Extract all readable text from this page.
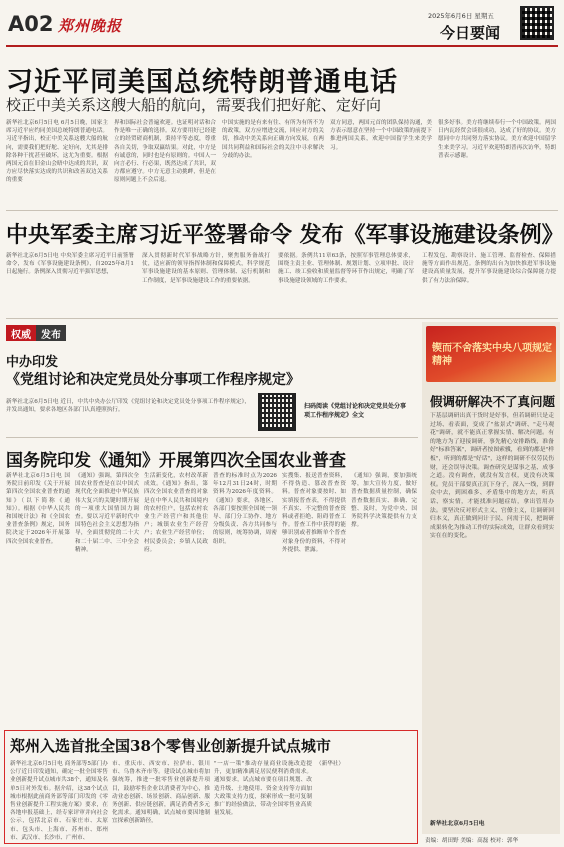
A02 郑州晚报
2025年6月6日 星期五
今日要闻
习近平同美国总统特朗普通电话
校正中美关系这艘大船的航向，需要我们把好舵、定好向
新华社北京6月5日电 6月5日晚，国家主席习近平应约同美国总统特朗普通电话。习近平指出，校正中美关系这艘大船的航向，需要我们把好舵、定好向，尤其是排除各种干扰甚至破坏，这尤为重要。根据两国元首在旧金山会晤中达成的共识，双方应尽快落实达成的共识和改善双边关系的重要
界和国际社会普遍欢迎。也证明对话和合作是唯一正确的选择。双方要用好已经建立的经贸磋商机制，秉持平等态度，尊重各自关切，争取双赢结果。对此，中方是有诚意的，同时也是有原则的。中国人一向言必行、行必果，既然达成了共识，双方都应遵守。中方无意主动挑衅，但是在原则问题上不会后退。
中国实施的是有来有往、有所为有所不为的政策，双方应增进交流，回应对方的关切，推动中美关系向正确方向发展，在两国共同利益和国际社会的关注中寻求解决分歧的办法。
双方同意，两国元首的团队保持沟通，美方表示愿意在坚持一个中国政策的前提下推进两国关系，欢迎中国留学生来美学习。
很多好事。美方将继续奉行一个中国政策。两国日内瓦经贸会谈很成功，达成了好的协议。美方愿同中方共同努力落实协议。美方欢迎中国留学生来美学习。习近平欢迎特朗普再次访华，特朗普表示感谢。
中央军委主席习近平签署命令 发布《军事设施建设条例》
新华社北京6月5日电 中央军委主席习近平日前签署命令，发布《军事设施建设条例》，自2025年8月1日起施行。条例深入贯彻习近平强军思想，
深入贯彻新时代军事战略方针，聚焦服务备战打仗，适应新的领导指挥体制和保障模式，科学规范军事设施建设的基本原则、管理体制、运行机制和工作制度，是军事设施建设工作的重要依据。
要依据。条例共11章63条，按照军事管理总体要求，围绕主责主业、管理体制、规划计划、立项审批、设计施工、竣工验收和质量监督等环节作出规定，明确了军事设施建设领域的工作要求。
工程发包、勘察设计、施工管理、监督检查、保障措施等方面作出规范。条例的出台为加快推进军事设施建设高质量发展，提升军事设施建设综合保障能力提供了有力法治保障。
权威	发布
中办印发
《党组讨论和决定党员处分事项工作程序规定》
新华社北京6月5日电 近日，中共中央办公厅印发《党组讨论和决定党员处分事项工作程序规定》，并发出通知，要求各地区各部门认真遵照执行。
扫码阅读《党组讨论和决定党员处分事项工作程序规定》全文
国务院印发《通知》开展第四次全国农业普查
新华社北京6月5日电 国务院日前印发《关于开展第四次全国农业普查的通知》（以下简称《通知》）。根据《中华人民共和国统计法》和《全国农业普查条例》规定，国务院决定于2026年开展第四次全国农业普查。
《通知》强调，第四次全国农业普查是在以中国式现代化全面推进中华民族伟大复兴的关键时期开展的一项重大国情国力调查。要以习近平新时代中国特色社会主义思想为指导，全面贯彻党的二十大和二十届二中、三中全会精神。
生活新变化，农村改革新成效。《通知》指出，第四次全国农业普查的对象是在中华人民共和国境内的农村住户，包括农村农业生产经营户和其他住户；城镇农业生产经营户；农业生产经营单位；村民委员会；乡镇人民政府。
普查的标准时点为2026年12月31日24时，时期资料为2026年度资料。《通知》要求，各地区、各部门要按照全国统一领导、部门分工协作、地方分级负责、各方共同参与的原则，统筹协调，周密组织。
实搜集、报送普查资料，不得伪造、篡改普查资料。普查对象要按时、如实填报普查表，不得提供不真实、不完整的普查资料或者拒绝、阻碍普查工作。普查工作中获得的能够识别或者推断单个普查对象身份的资料，不得对外提供、泄露。
《通知》强调，要加强统筹，加大宣传力度，做好普查数据质量控制，确保普查数据真实、准确、完整、及时，为党中央、国务院科学决策提供有力支撑。
郑州入选首批全国38个零售业创新提升试点城市
新华社北京6月5日电 商务部等5部门办公厅近日印发通知，确定一批全国零售业创新提升试点城市共38个，通知及名单5日对外发布。据介绍，这38个试点城市根据此前商务部等部门印发的《零售业创新提升工程实施方案》要求，在各地申报基础上，经专家评审并向社会公示，包括北京市、石家庄市、太原市、包头市、上海市、苏州市、郑州市、武汉市、长沙市、广州市、
市、重庆市、西安市、拉萨市、银川市、乌鲁木齐市等。建设试点城市将加强统筹，推进一批零售业创新提升项目，鼓励零售企业以消费者为中心，推动业态创新、场景创新、商品创新、服务创新、供应链创新，满足消费者多元化需求。通知明确，试点城市要因地制宜探索创新路径，
"一店一策"推动存量商业设施改造提升，更加精准满足居民便利消费需求。通知要求，试点城市要在项目规划、改造升级、土地使用、资金支持等方面加大政策支持力度，探索形成一批可复制推广的经验做法，带动全国零售业高质量发展。
（新华社）
锲而不舍落实中央八项规定精神
假调研解决不了真问题
下基层调研出真干货时是好事，但若调研只是走过场、看表面，变成了"盆景式"调研、"走马观花"调研，就不能真正掌握实情、解决问题。有的地方为了迎接调研，事先精心安排路线，准备好"标准答案"，调研者按图索骥，看到的都是"样板"，听到的都是"好话"，这样的调研不仅劳民伤财，还会误导决策。调查研究是谋事之基、成事之道。没有调查，就没有发言权，更没有决策权。党员干部要真正沉下身子，深入一线，到群众中去，到困难多、矛盾集中的地方去，听真话、察实情，才能找准问题症结，拿出管用办法。要坚决反对形式主义、官僚主义，让调研回归本义，真正做到问计于民、问需于民，把调研成果转化为推动工作的实际成效，让群众看到实实在在的变化。
新华社北京6月5日电
责编：胡田野 美编：高磊 校对：郭华
